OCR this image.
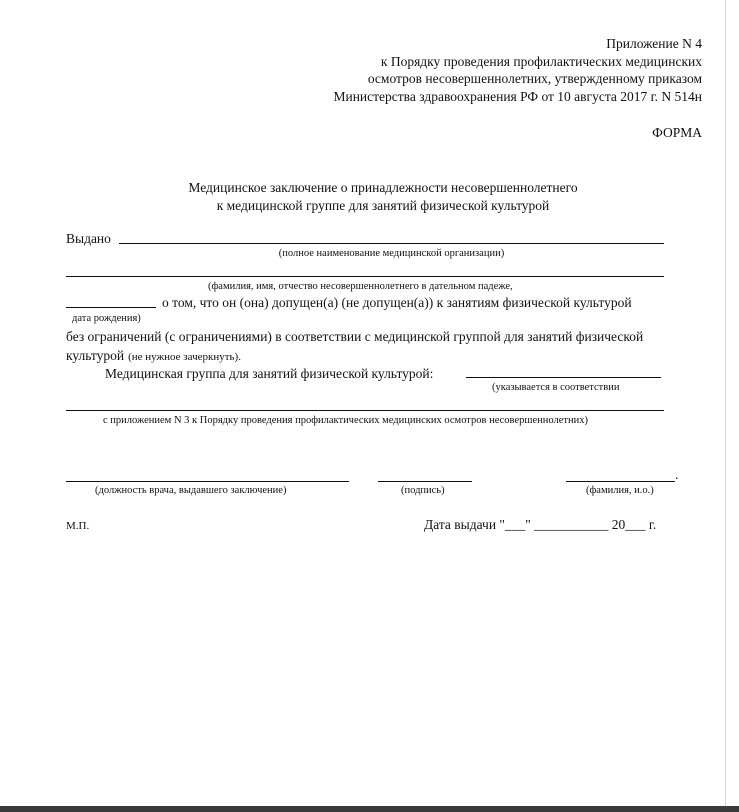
Приложение N 4
к Порядку проведения профилактических медицинских
осмотров несовершеннолетних, утвержденному приказом
Министерства здравоохранения РФ от 10 августа 2017 г. N 514н
ФОРМА
Медицинское заключение о принадлежности несовершеннолетнего
к медицинской группе для занятий физической культурой
Выдано
(полное наименование медицинской организации)
(фамилия, имя, отчество несовершеннолетнего в дательном падеже,
о том, что он (она) допущен(а) (не допущен(а)) к занятиям физической культурой
дата рождения)
без ограничений (с ограничениями) в соответствии с медицинской группой для занятий физической
культурой (не нужное зачеркнуть).
Медицинская группа для занятий физической культурой:
(указывается в соответствии
с приложением N 3 к Порядку проведения профилактических медицинских осмотров несовершеннолетних)
.
(должность врача, выдавшего заключение)	(подпись)	(фамилия, и.о.)
М.П.	Дата выдачи "___" ___________ 20___ г.
